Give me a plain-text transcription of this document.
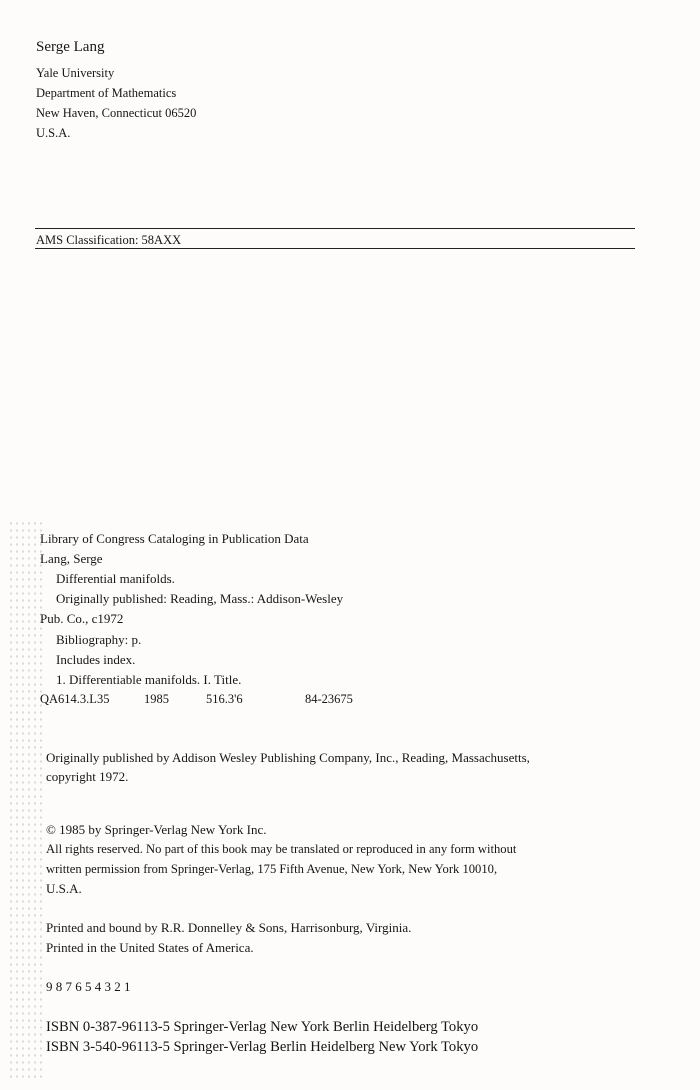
Serge Lang
Yale University
Department of Mathematics
New Haven, Connecticut 06520
U.S.A.
AMS Classification: 58AXX
Library of Congress Cataloging in Publication Data
Lang, Serge
Differential manifolds.
Originally published: Reading, Mass.: Addison-Wesley
Pub. Co., c1972
Bibliography: p.
Includes index.
1. Differentiable manifolds. I. Title.
QA614.3.L35	1985	516.3'6	84-23675
Originally published by Addison Wesley Publishing Company, Inc., Reading, Massachusetts,
copyright 1972.
© 1985 by Springer-Verlag New York Inc.
All rights reserved. No part of this book may be translated or reproduced in any form without
written permission from Springer-Verlag, 175 Fifth Avenue, New York, New York 10010,
U.S.A.
Printed and bound by R.R. Donnelley & Sons, Harrisonburg, Virginia.
Printed in the United States of America.
9 8 7 6 5 4 3 2 1
ISBN 0-387-96113-5 Springer-Verlag New York Berlin Heidelberg Tokyo
ISBN 3-540-96113-5 Springer-Verlag Berlin Heidelberg New York Tokyo
